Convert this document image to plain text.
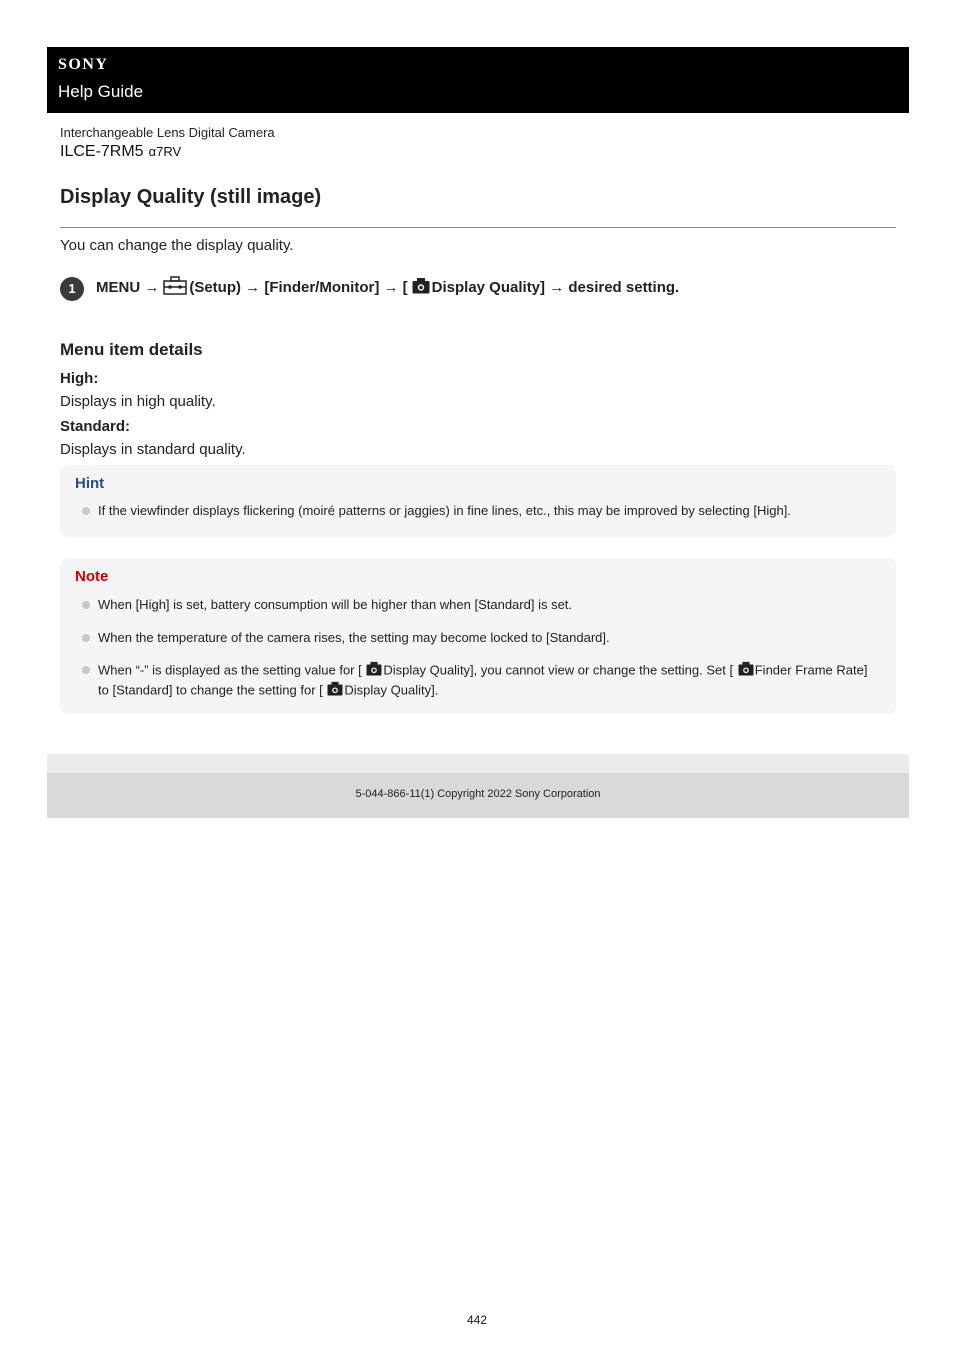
SONY
Help Guide
Interchangeable Lens Digital Camera
ILCE-7RM5 α7RV
Display Quality (still image)
You can change the display quality.
1	MENU → (Setup) → [Finder/Monitor] → [ Display Quality] → desired setting.
Menu item details
High:
Displays in high quality.
Standard:
Displays in standard quality.
Hint
If the viewfinder displays flickering (moiré patterns or jaggies) in fine lines, etc., this may be improved by selecting [High].
Note
When [High] is set, battery consumption will be higher than when [Standard] is set.
When the temperature of the camera rises, the setting may become locked to [Standard].
When “-” is displayed as the setting value for [ Display Quality], you cannot view or change the setting. Set [ Finder Frame Rate] to [Standard] to change the setting for [ Display Quality].
5-044-866-11(1) Copyright 2022 Sony Corporation
442
